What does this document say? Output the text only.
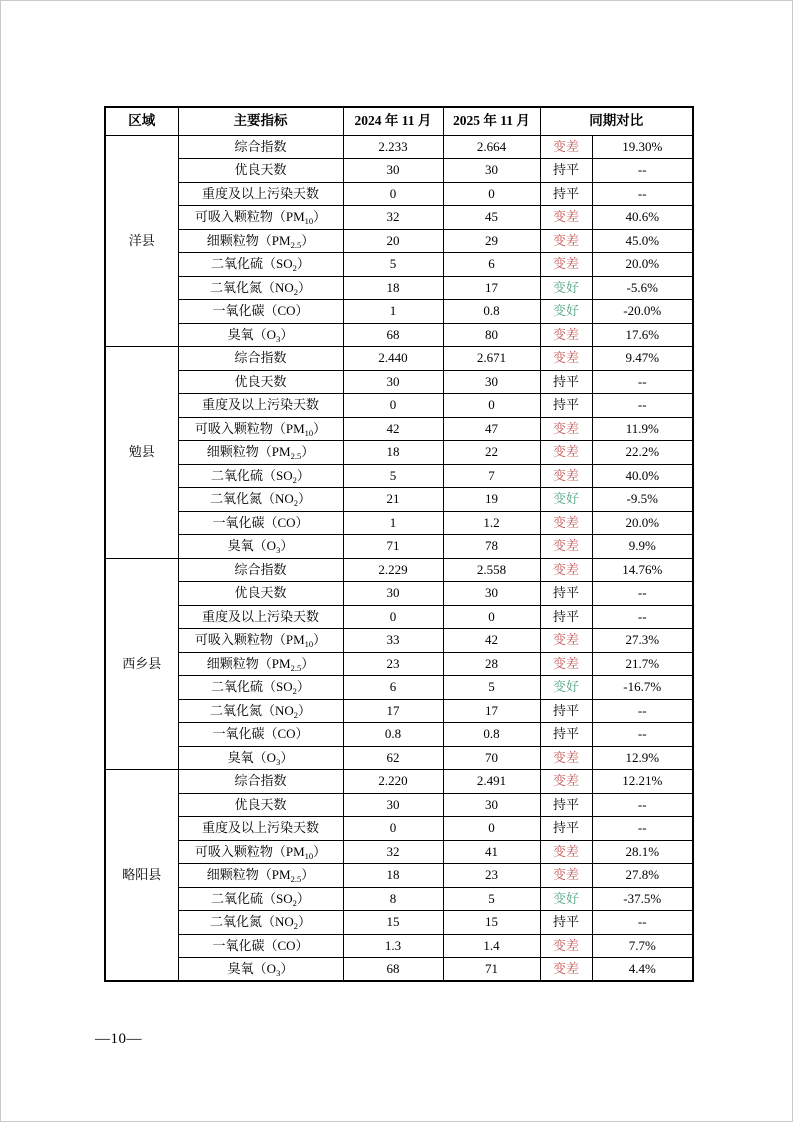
区域	主要指标	2024 年 11 月	2025 年 11 月	同期对比	
洋县	综合指数	2.233	2.664	变差	19.30%
	优良天数	30	30	持平	--
	重度及以上污染天数	0	0	持平	--
	可吸入颗粒物$(PM_{10})$	32	45	变差	40.6%
	细颗粒物$(PM_{2.5})$	20	29	变差	45.0%
	二氧化硫$(SO_2)$	5	6	变差	20.0%
	二氧化氮$(NO_2)$	18	17	变好	-5.6%
	一氧化碳（CO）	1	0.8	变好	-20.0%
	臭氧$(O_3)$	68	80	变差	17.6%
勉县	综合指数	2.440	2.671	变差	9.47%
	优良天数	30	30	持平	--
	重度及以上污染天数	0	0	持平	--
	可吸入颗粒物$(PM_{10})$	42	47	变差	11.9%
	细颗粒物$(PM_{2.5})$	18	22	变差	22.2%
	二氧化硫$(SO_2)$	5	7	变差	40.0%
	二氧化氮$(NO_2)$	21	19	变好	-9.5%
	一氧化碳（CO）	1	1.2	变差	20.0%
	臭氧$(O_3)$	71	78	变差	9.9%
西乡县	综合指数	2.229	2.558	变差	14.76%
	优良天数	30	30	持平	--
	重度及以上污染天数	0	0	持平	--
	可吸入颗粒物$(PM_{10})$	33	42	变差	27.3%
	细颗粒物$(PM_{2.5})$	23	28	变差	21.7%
	二氧化硫$(SO_2)$	6	5	变好	-16.7%
	二氧化氮$(NO_2)$	17	17	持平	--
	一氧化碳（CO）	0.8	0.8	持平	--
	臭氧$(O_3)$	62	70	变差	12.9%
略阳县	综合指数	2.220	2.491	变差	12.21%
	优良天数	30	30	持平	--
	重度及以上污染天数	0	0	持平	--
	可吸入颗粒物$(PM_{10})$	32	41	变差	28.1%
	细颗粒物$(PM_{2.5})$	18	23	变差	27.8%
	二氧化硫$(SO_2)$	8	5	变好	-37.5%
	二氧化氮$(NO_2)$	15	15	持平	--
	一氧化碳（CO）	1.3	1.4	变差	7.7%
	臭氧$(O_3)$	68	71	变差	4.4%
—10—
